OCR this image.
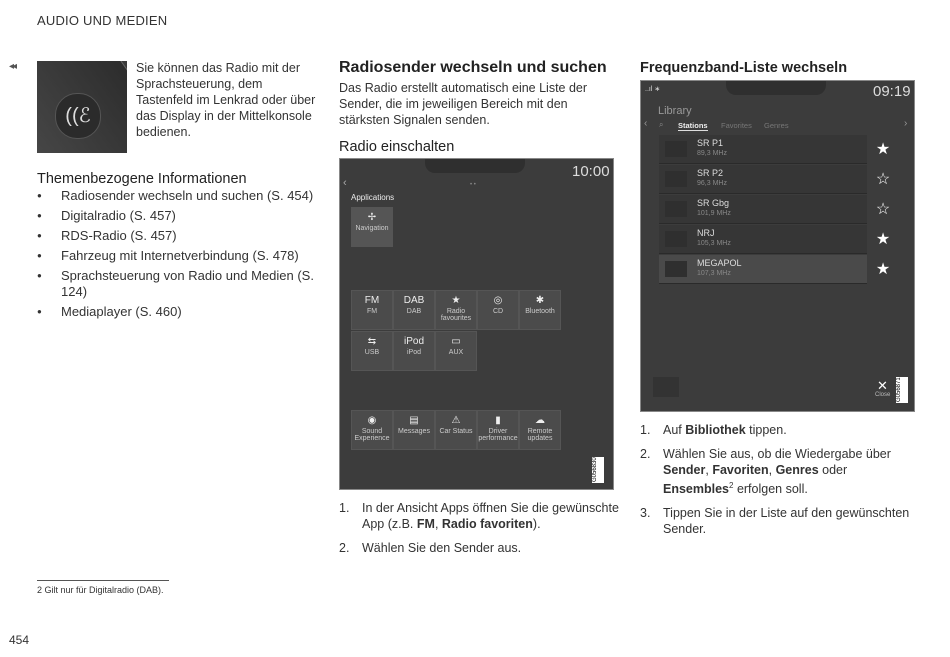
AUDIO UND MEDIEN
◂◂
((ℰ
Sie können das Radio mit der Sprachsteuerung, dem Tastenfeld im Lenkrad oder über das Display in der Mittelkonsole bedienen.
Themenbezogene Informationen
● Radiosender wechseln und suchen (S. 454)
● Digitalradio (S. 457)
● RDS-Radio (S. 457)
● Fahrzeug mit Internetverbindung (S. 478)
● Sprachsteuerung von Radio und Medien (S. 124)
● Mediaplayer (S. 460)
Radiosender wechseln und suchen
Das Radio erstellt automatisch eine Liste der Sender, die im jeweiligen Bereich mit den stärksten Signalen senden.
Radio einschalten
10:00
‹	• •
Applications
✢
Navigation
FM
FM
DAB
DAB
★
Radio favourites
◎
CD
✱
Bluetooth
⇆
USB
iPod
iPod
▭
AUX
◉
Sound Experience
▤
Messages
⚠
Car Status
▮
Driver performance
☁
Remote updates
G056830
1. In der Ansicht Apps öffnen Sie die gewünschte App (z.B. FM, Radio favoriten).
2. Wählen Sie den Sender aus.
Frequenzband-Liste wechseln
..ıl ∗	09:19
Library
‹ ⌕ Stations Favorites Genres	›
SR P1
89,3 MHz	★
SR P2
96,3 MHz	☆
SR Gbg
101,9 MHz	☆
NRJ
105,3 MHz	★
MEGAPOL
107,3 MHz	★
✕
Close G056871
1. Auf Bibliothek tippen.
2. Wählen Sie aus, ob die Wiedergabe über Sender, Favoriten, Genres oder Ensembles$^2$ erfolgen soll.
3. Tippen Sie in der Liste auf den gewünschten Sender.
2 Gilt nur für Digitalradio (DAB).
454
